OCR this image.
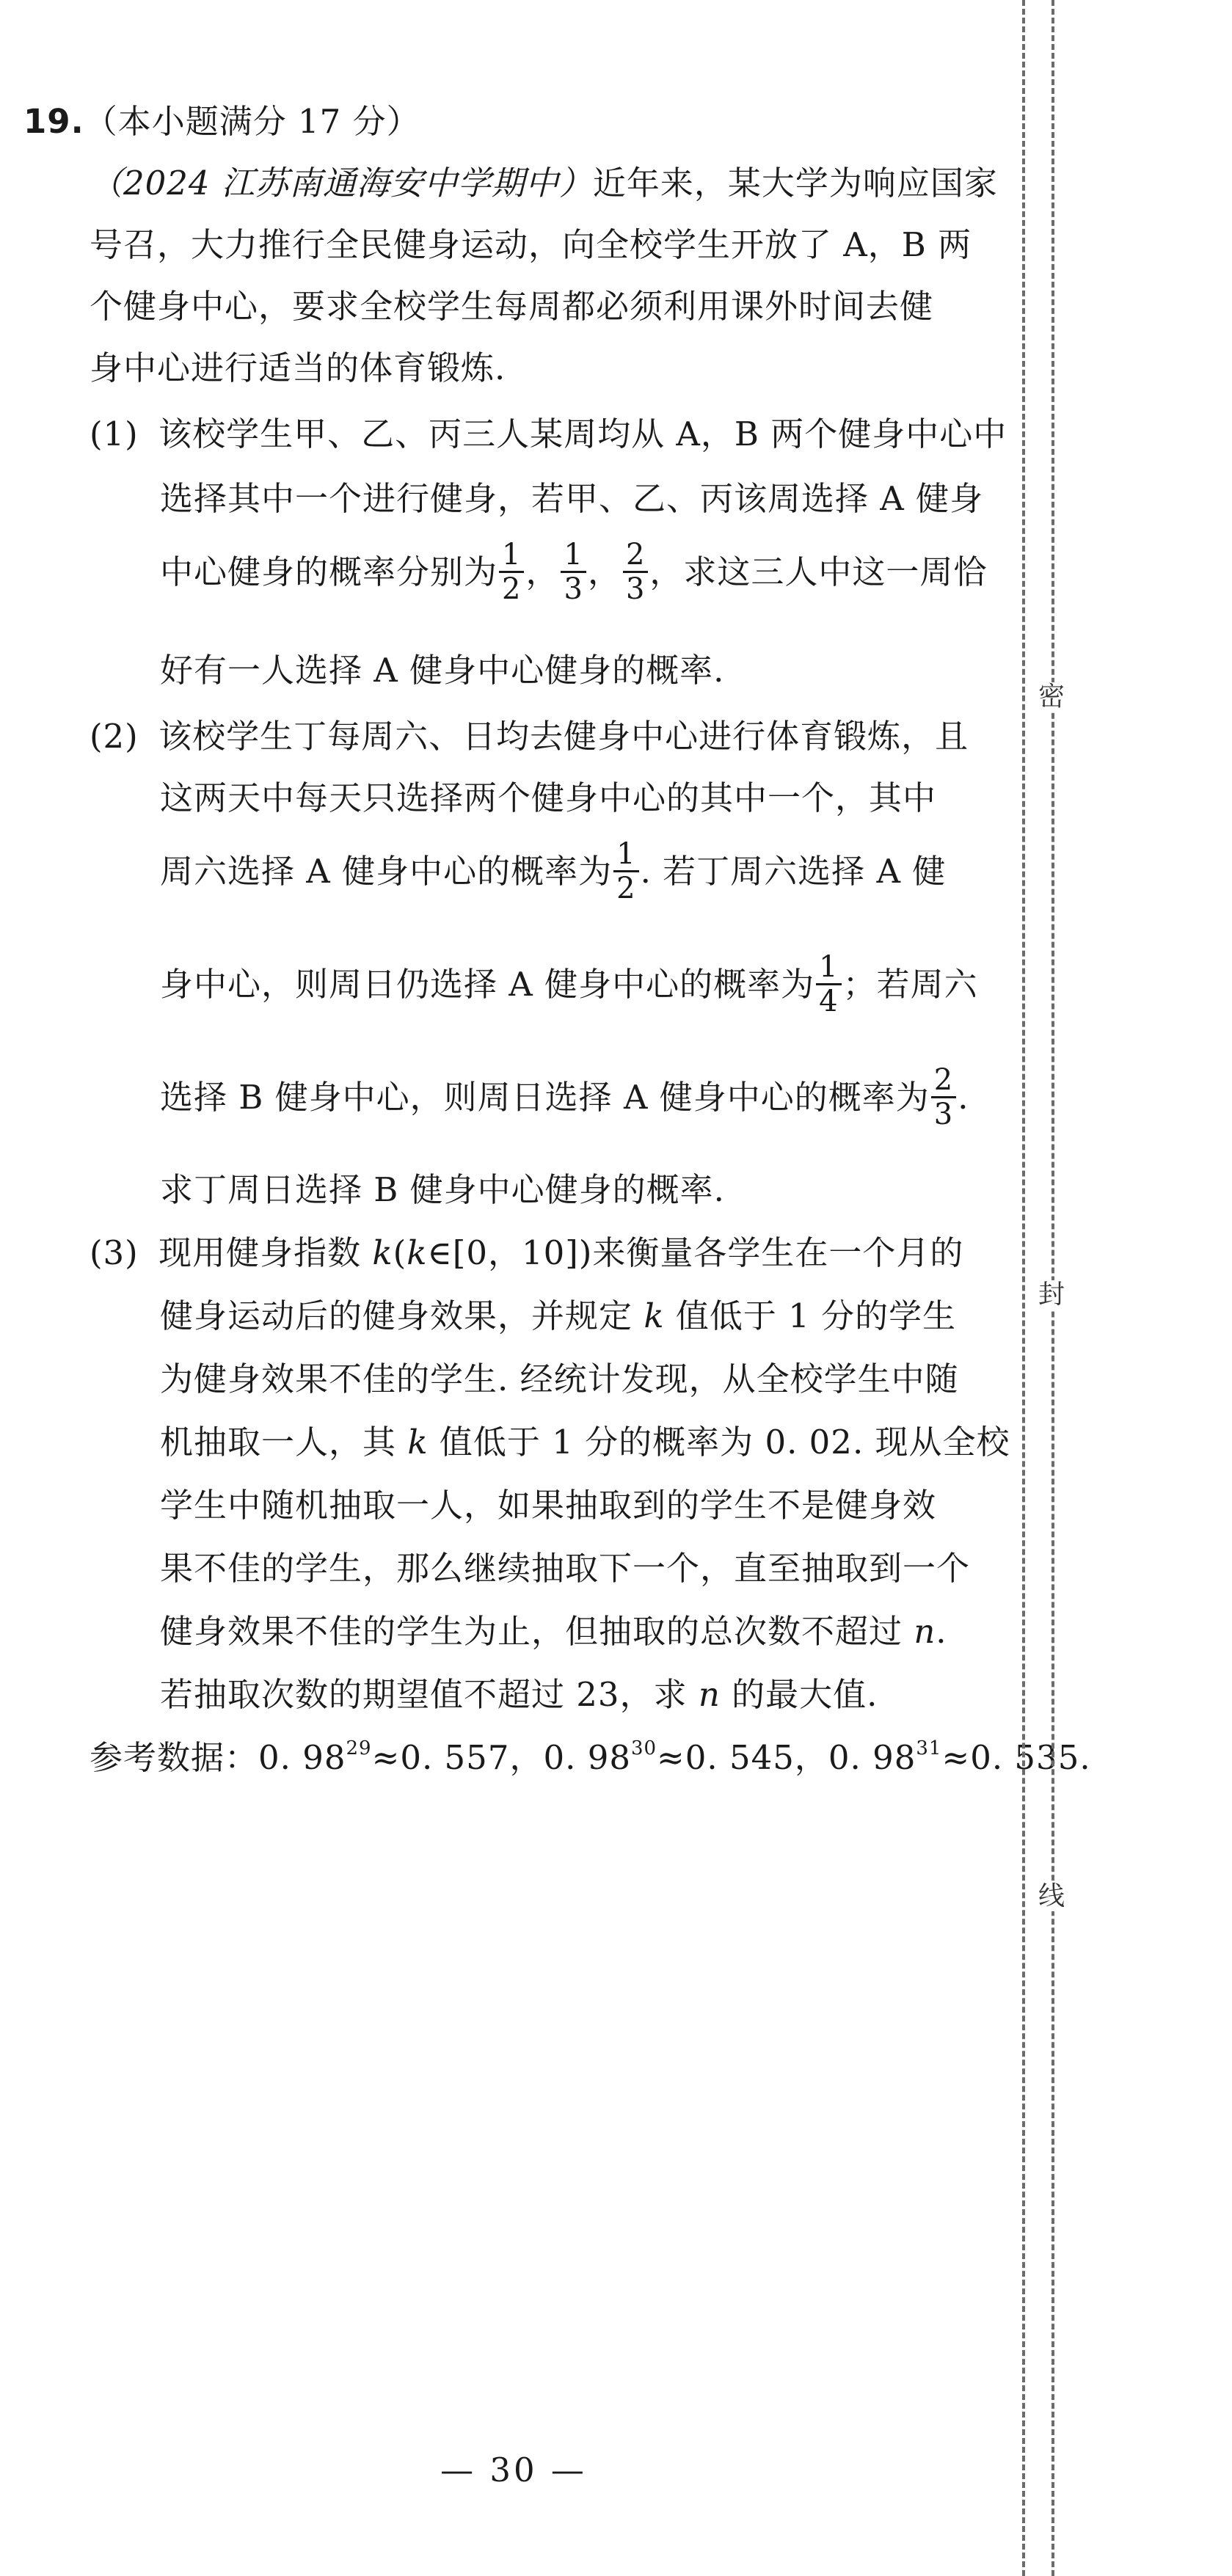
19.（本小题满分 17 分）
（2024 江苏南通海安中学期中）近年来，某大学为响应国家
号召，大力推行全民健身运动，向全校学生开放了 A，B 两
个健身中心，要求全校学生每周都必须利用课外时间去健
身中心进行适当的体育锻炼.
(1) 该校学生甲、乙、丙三人某周均从 A，B 两个健身中心中
选择其中一个进行健身，若甲、乙、丙该周选择 A 健身
中心健身的概率分别为 $\frac{1}{2}$ ， $\frac{1}{3}$ ， $\frac{2}{3}$ ，求这三人中这一周恰
好有一人选择 A 健身中心健身的概率.
(2) 该校学生丁每周六、日均去健身中心进行体育锻炼，且
这两天中每天只选择两个健身中心的其中一个，其中
周六选择 A 健身中心的概率为 $\frac{1}{2}$ . 若丁周六选择 A 健
身中心，则周日仍选择 A 健身中心的概率为 $\frac{1}{4}$ ；若周六
选择 B 健身中心，则周日选择 A 健身中心的概率为 $\frac{2}{3}$ .
求丁周日选择 B 健身中心健身的概率.
(3) 现用健身指数 k(k∈[0，10])来衡量各学生在一个月的
健身运动后的健身效果，并规定 k 值低于 1 分的学生
为健身效果不佳的学生. 经统计发现，从全校学生中随
机抽取一人，其 k 值低于 1 分的概率为 0. 02. 现从全校
学生中随机抽取一人，如果抽取到的学生不是健身效
果不佳的学生，那么继续抽取下一个，直至抽取到一个
健身效果不佳的学生为止，但抽取的总次数不超过 n.
若抽取次数的期望值不超过 23，求 n 的最大值.
参考数据：0. $98^{29}\approx 0$. 557，0. $98^{30}\approx 0$. 545，0. $98^{31}\approx 0$. 535.
— 30 —
密
封
线
